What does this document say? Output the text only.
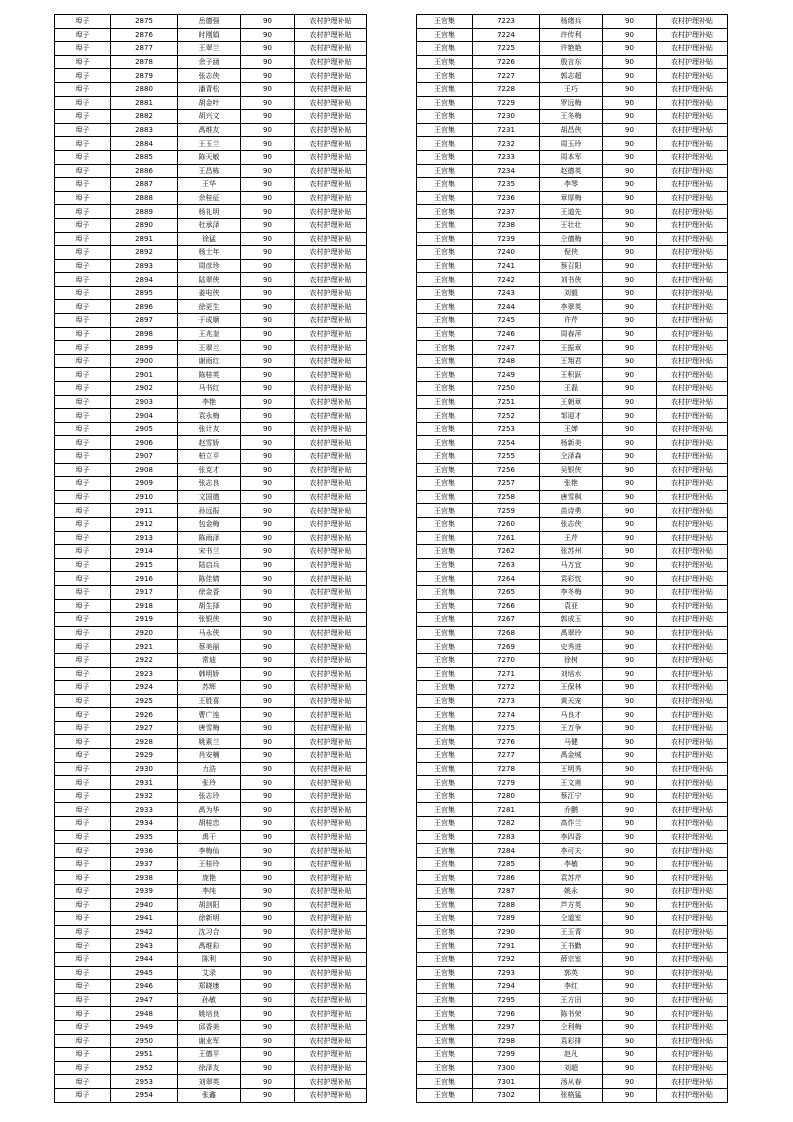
埠子	2875	岳德强	90	农村护理补贴
埠子	2876	时刚娟	90	农村护理补贴
埠子	2877	王翠兰	90	农村护理补贴
埠子	2878	余子涵	90	农村护理补贴
埠子	2879	张志侠	90	农村护理补贴
埠子	2880	潘青松	90	农村护理补贴
埠子	2881	胡金叶	90	农村护理补贴
埠子	2882	胡兴文	90	农村护理补贴
埠子	2883	禹维友	90	农村护理补贴
埠子	2884	王玉兰	90	农村护理补贴
埠子	2885	陈天敏	90	农村护理补贴
埠子	2886	王昌栋	90	农村护理补贴
埠子	2887	王华	90	农村护理补贴
埠子	2888	余桂征	90	农村护理补贴
埠子	2889	杨礼明	90	农村护理补贴
埠子	2890	杜承泽	90	农村护理补贴
埠子	2891	徐猛	90	农村护理补贴
埠子	2892	杨士年	90	农村护理补贴
埠子	2893	周彦珍	90	农村护理补贴
埠子	2894	陆翠侠	90	农村护理补贴
埠子	2895	姜电侠	90	农村护理补贴
埠子	2896	徐更生	90	农村护理补贴
埠子	2897	于成顺	90	农村护理补贴
埠子	2898	王兆奎	90	农村护理补贴
埠子	2899	王翠兰	90	农村护理补贴
埠子	2900	谢雨红	90	农村护理补贴
埠子	2901	陈桂英	90	农村护理补贴
埠子	2902	马书红	90	农村护理补贴
埠子	2903	李艳	90	农村护理补贴
埠子	2904	袁永梅	90	农村护理补贴
埠子	2905	张计友	90	农村护理补贴
埠子	2906	赵雪娇	90	农村护理补贴
埠子	2907	柏立平	90	农村护理补贴
埠子	2908	张克才	90	农村护理补贴
埠子	2909	张志良	90	农村护理补贴
埠子	2910	文国德	90	农村护理补贴
埠子	2911	孙远报	90	农村护理补贴
埠子	2912	包金梅	90	农村护理补贴
埠子	2913	陈雨泽	90	农村护理补贴
埠子	2914	宋书兰	90	农村护理补贴
埠子	2915	陆启兵	90	农村护理补贴
埠子	2916	陈佳婧	90	农村护理补贴
埠子	2917	徐金香	90	农村护理补贴
埠子	2918	胡生择	90	农村护理补贴
埠子	2919	张银侠	90	农村护理补贴
埠子	2920	马永侠	90	农村护理补贴
埠子	2921	蔡美丽	90	农村护理补贴
埠子	2922	常迪	90	农村护理补贴
埠子	2923	韩明娇	90	农村护理补贴
埠子	2924	苏辉	90	农村护理补贴
埠子	2925	王胜喜	90	农村护理补贴
埠子	2926	曹广连	90	农村护理补贴
埠子	2927	唐雪梅	90	农村护理补贴
埠子	2928	姚素兰	90	农村护理补贴
埠子	2929	肖安楠	90	农村护理补贴
埠子	2930	力浩	90	农村护理补贴
埠子	2931	张玲	90	农村护理补贴
埠子	2932	张志玲	90	农村护理补贴
埠子	2933	禹为华	90	农村护理补贴
埠子	2934	胡桂忠	90	农村护理补贴
埠子	2935	禹干	90	农村护理补贴
埠子	2936	李梅仙	90	农村护理补贴
埠子	2937	王桂玲	90	农村护理补贴
埠子	2938	庞艳	90	农村护理补贴
埠子	2939	李纯	90	农村护理补贴
埠子	2940	胡剑阳	90	农村护理补贴
埠子	2941	徐新明	90	农村护理补贴
埠子	2942	沈习合	90	农村护理补贴
埠子	2943	禹维彩	90	农村护理补贴
埠子	2944	陈利	90	农村护理补贴
埠子	2945	艾录	90	农村护理补贴
埠子	2946	郑晓康	90	农村护理补贴
埠子	2947	孙敏	90	农村护理补贴
埠子	2948	姚培良	90	农村护理补贴
埠子	2949	邱香美	90	农村护理补贴
埠子	2950	谢业军	90	农村护理补贴
埠子	2951	王德平	90	农村护理补贴
埠子	2952	徐泽友	90	农村护理补贴
埠子	2953	刘翠英	90	农村护理补贴
埠子	2954	张鑫	90	农村护理补贴
王官集	7223	杨绪兵	90	农村护理补贴
王官集	7224	许传利	90	农村护理补贴
王官集	7225	许艳艳	90	农村护理补贴
王官集	7226	殷言东	90	农村护理补贴
王官集	7227	郭志超	90	农村护理补贴
王官集	7228	王巧	90	农村护理补贴
王官集	7229	罗远梅	90	农村护理补贴
王官集	7230	王冬梅	90	农村护理补贴
王官集	7231	胡昌侠	90	农村护理补贴
王官集	7232	周玉玲	90	农村护理补贴
王官集	7233	周本军	90	农村护理补贴
王官集	7234	赵德英	90	农村护理补贴
王官集	7235	李琴	90	农村护理补贴
王官集	7236	章厚梅	90	农村护理补贴
王官集	7237	王道先	90	农村护理补贴
王官集	7238	王壮壮	90	农村护理补贴
王官集	7239	仝德梅	90	农村护理补贴
王官集	7240	倪侠	90	农村护理补贴
王官集	7241	蔡召阳	90	农村护理补贴
王官集	7242	刘书侠	90	农村护理补贴
王官集	7243	刘毅	90	农村护理补贴
王官集	7244	李翠英	90	农村护理补贴
王官集	7245	许芹	90	农村护理补贴
王官集	7246	周春萍	90	农村护理补贴
王官集	7247	王振章	90	农村护理补贴
王官集	7248	王翔君	90	农村护理补贴
王官集	7249	王积跃	90	农村护理补贴
王官集	7250	王磊	90	农村护理补贴
王官集	7251	王朝章	90	农村护理补贴
王官集	7252	邹迎才	90	农村护理补贴
王官集	7253	王婵	90	农村护理补贴
王官集	7254	杨新美	90	农村护理补贴
王官集	7255	仝泽森	90	农村护理补贴
王官集	7256	吴银侠	90	农村护理补贴
王官集	7257	张艳	90	农村护理补贴
王官集	7258	唐雪枫	90	农村护理补贴
王官集	7259	苗诗勇	90	农村护理补贴
王官集	7260	张志侠	90	农村护理补贴
王官集	7261	王芹	90	农村护理补贴
王官集	7262	张苏州	90	农村护理补贴
王官集	7263	马万宜	90	农村护理补贴
王官集	7264	袁彩忱	90	农村护理补贴
王官集	7265	李冬梅	90	农村护理补贴
王官集	7266	袁亚	90	农村护理补贴
王官集	7267	郭成玉	90	农村护理补贴
王官集	7268	禹翠玲	90	农村护理补贴
王官集	7269	史秀进	90	农村护理补贴
王官集	7270	徐树	90	农村护理补贴
王官集	7271	刘培水	90	农村护理补贴
王官集	7272	王保林	90	农村护理补贴
王官集	7273	黄天宠	90	农村护理补贴
王官集	7274	马良才	90	农村护理补贴
王官集	7275	王万争	90	农村护理补贴
王官集	7276	马健	90	农村护理补贴
王官集	7277	禹金城	90	农村护理补贴
王官集	7278	王明秀	90	农村护理补贴
王官集	7279	王文甫	90	农村护理补贴
王官集	7280	蔡江宁	90	农村护理补贴
王官集	7281	乔鹏	90	农村护理补贴
王官集	7282	高作兰	90	农村护理补贴
王官集	7283	李四香	90	农村护理补贴
王官集	7284	李可夫	90	农村护理补贴
王官集	7285	李敏	90	农村护理补贴
王官集	7286	袁苏芹	90	农村护理补贴
王官集	7287	姚永	90	农村护理补贴
王官集	7288	芦方英	90	农村护理补贴
王官集	7289	仝道室	90	农村护理补贴
王官集	7290	王玉青	90	农村护理补贴
王官集	7291	王书勤	90	农村护理补贴
王官集	7292	薛宗室	90	农村护理补贴
王官集	7293	郭英	90	农村护理补贴
王官集	7294	李红	90	农村护理补贴
王官集	7295	王方田	90	农村护理补贴
王官集	7296	陈书荣	90	农村护理补贴
王官集	7297	仝利梅	90	农村护理补贴
王官集	7298	袁彩排	90	农村护理补贴
王官集	7299	赵凡	90	农村护理补贴
王官集	7300	刘超	90	农村护理补贴
王官集	7301	汤从春	90	农村护理补贴
王官集	7302	张格猛	90	农村护理补贴
